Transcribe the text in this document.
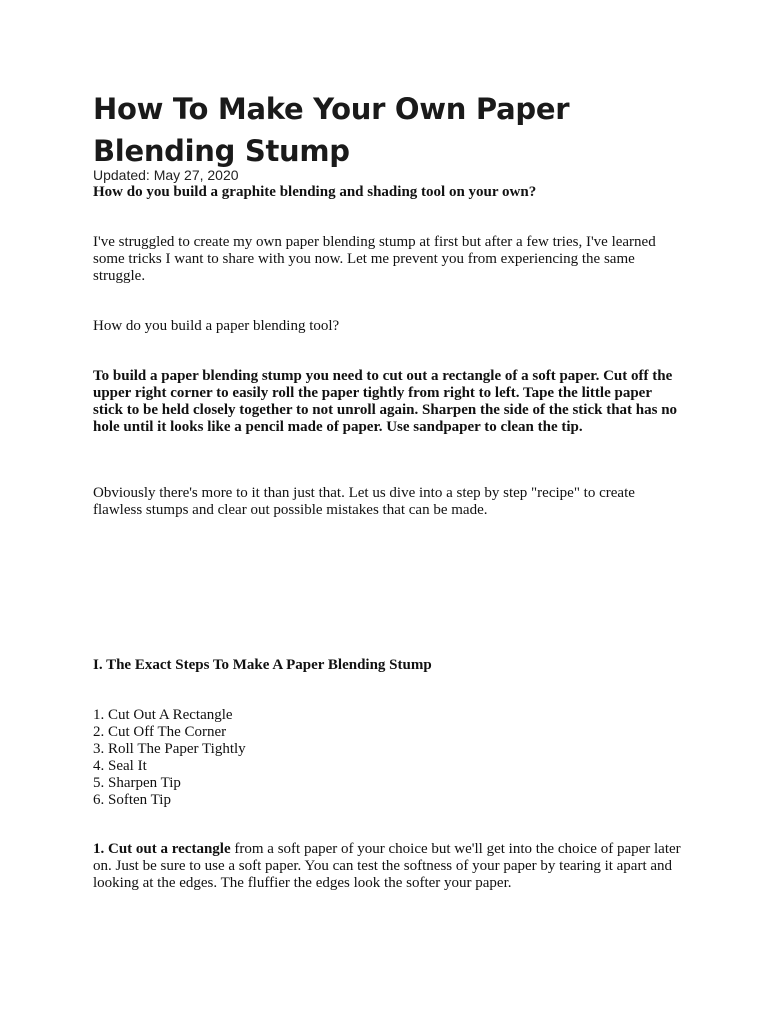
How To Make Your Own Paper Blending Stump
Updated: May 27, 2020

How do you build a graphite blending and shading tool on your own?

I've struggled to create my own paper blending stump at first but after a few tries, I've learned some tricks I want to share with you now. Let me prevent you from experiencing the same struggle.

How do you build a paper blending tool?

To build a paper blending stump you need to cut out a rectangle of a soft paper. Cut off the upper right corner to easily roll the paper tightly from right to left. Tape the little paper stick to be held closely together to not unroll again. Sharpen the side of the stick that has no hole until it looks like a pencil made of paper. Use sandpaper to clean the tip.

Obviously there's more to it than just that. Let us dive into a step by step "recipe" to create flawless stumps and clear out possible mistakes that can be made.

I. The Exact Steps To Make A Paper Blending Stump

1. Cut Out A Rectangle
2. Cut Off The Corner
3. Roll The Paper Tightly
4. Seal It
5. Sharpen Tip
6. Soften Tip

1. Cut out a rectangle from a soft paper of your choice but we'll get into the choice of paper later on. Just be sure to use a soft paper. You can test the softness of your paper by tearing it apart and looking at the edges. The fluffier the edges look the softer your paper.
